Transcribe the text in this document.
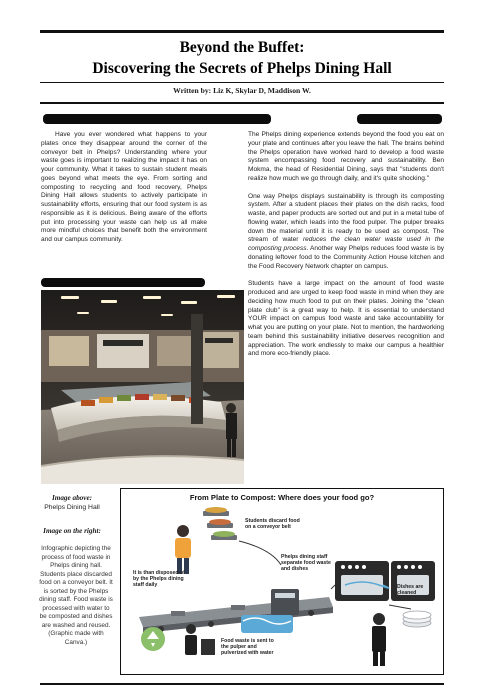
Beyond the Buffet:
Discovering the Secrets of Phelps Dining Hall
Written by: Liz K, Skylar D, Maddison W.

Have you ever wondered what happens to your plates once they disappear around the corner of the conveyor belt in Phelps? Understanding where your waste goes is important to realizing the impact it has on your community. What it takes to sustain student meals goes beyond what meets the eye. From sorting and composting to recycling and food recovery, Phelps Dining Hall allows students to actively participate in sustainability efforts, ensuring that our food system is as responsible as it is delicious. Being aware of the efforts put into processing your waste can help us all make more mindful choices that benefit both the environment and our campus community.

The Phelps dining experience extends beyond the food you eat on your plate and continues after you leave the hall. The brains behind the Phelps operation have worked hard to develop a food waste system encompassing food recovery and sustainability. Ben Mokma, the head of Residential Dining, says that "students don't realize how much we go through daily, and it's quite shocking."

One way Phelps displays sustainability is through its composting system. After a student places their plates on the dish racks, food waste, and paper products are sorted out and put in a metal tube of flowing water, which leads into the food pulper. The pulper breaks down the material until it is ready to be used as compost. The stream of water reduces the clean water waste used in the composting process. Another way Phelps reduces food waste is by donating leftover food to the Community Action House kitchen and the Food Recovery Network chapter on campus.

Students have a large impact on the amount of food waste produced and are urged to keep food waste in mind when they are deciding how much food to put on their plates. Joining the "clean plate club" is a great way to help. It is essential to understand YOUR impact on campus food waste and take accountability for what you are putting on your plate. Not to mention, the hardworking team behind this sustainability initiative deserves recognition and appreciation. The work endlessly to make our campus a healthier and more eco-friendly place.

Image above:
Phelps Dining Hall
Image on the right:
Infographic depicting the process of food waste in Phelps dining hall. Students place discarded food on a conveyor belt. It is sorted by the Phelps dining staff. Food waste is processed with water to be composted and dishes are washed and reused. (Graphic made with Canva.)
From Plate to Compost: Where does your food go?
Students discard food on a conveyor belt
Phelps dining staff separate food waste and dishes
It is than disposed of by the Phelps dining staff daily
Food waste is sent to the pulper and pulverized with water
Dishes are cleaned
